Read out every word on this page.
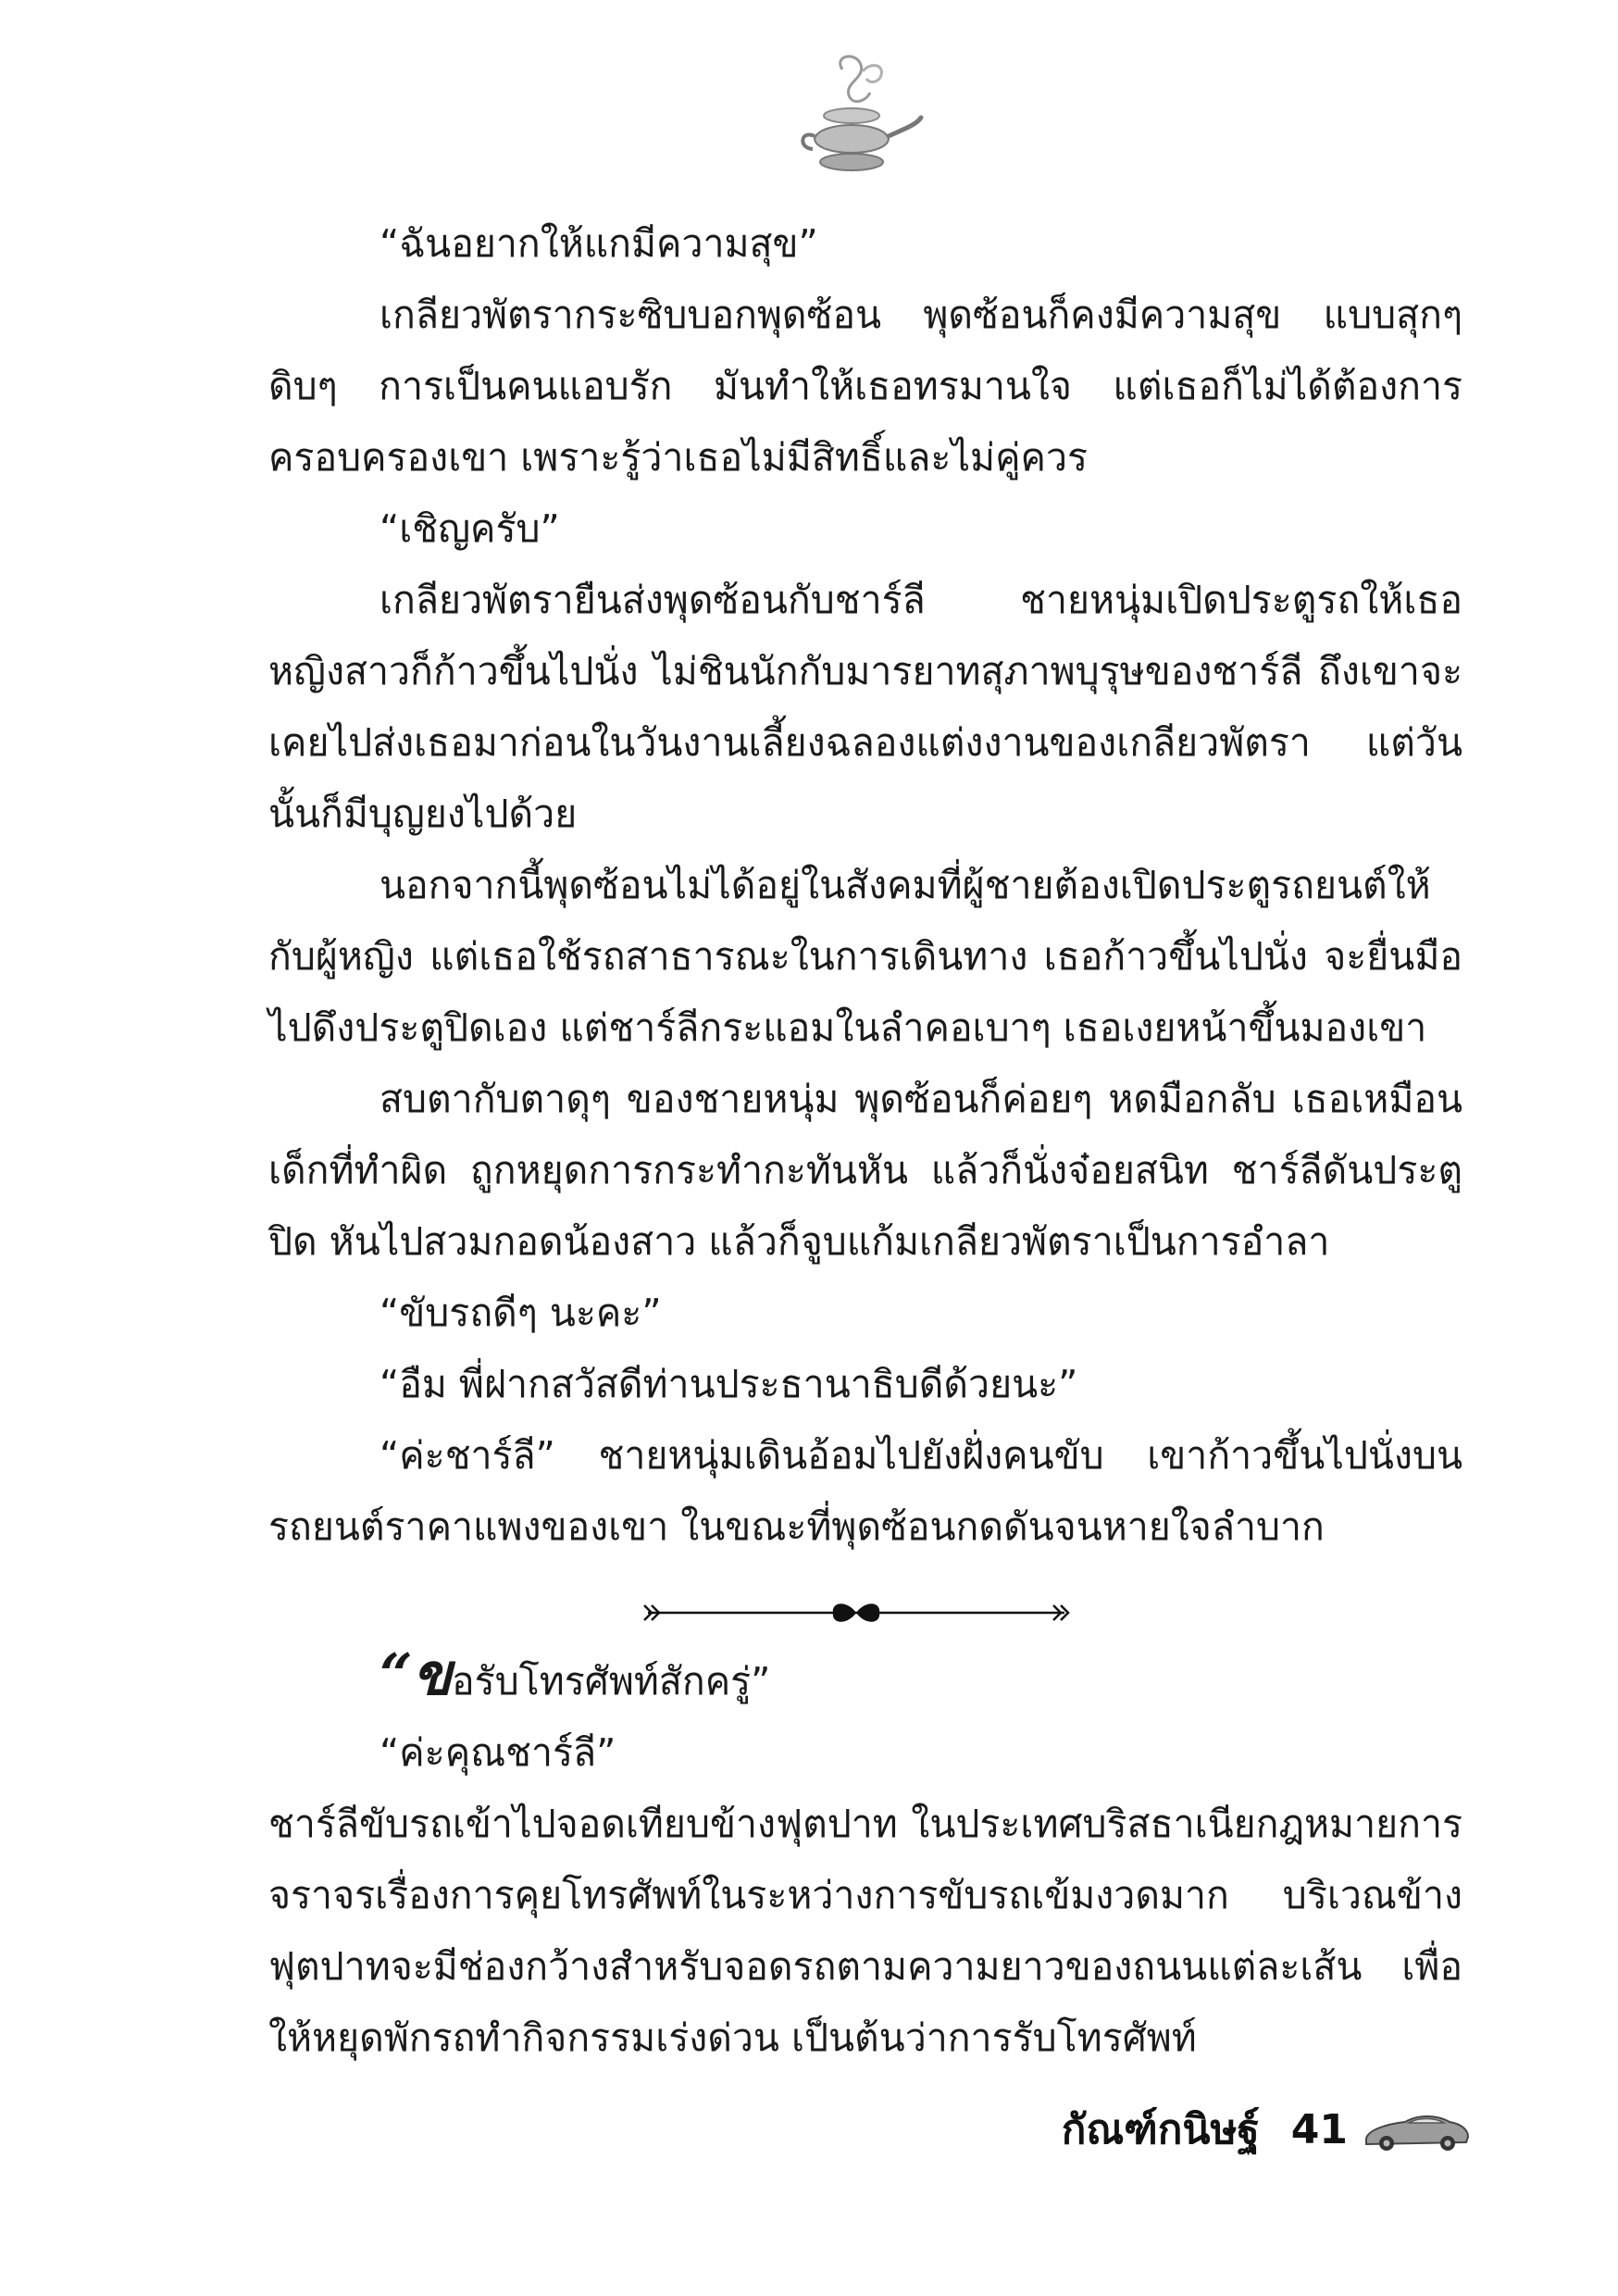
“ฉันอยากให้แกมีความสุข”

เกลียวพัตรากระซิบบอกพุดซ้อน พุดซ้อนก็คงมีความสุข แบบสุกๆ ดิบๆ การเป็นคนแอบรัก มันทำให้เธอทรมานใจ แต่เธอก็ไม่ได้ต้องการครอบครองเขา เพราะรู้ว่าเธอไม่มีสิทธิ์และไม่คู่ควร

“เชิญครับ”

เกลียวพัตรายืนส่งพุดซ้อนกับชาร์ลี ชายหนุ่มเปิดประตูรถให้เธอ หญิงสาวก็ก้าวขึ้นไปนั่ง ไม่ชินนักกับมารยาทสุภาพบุรุษของชาร์ลี ถึงเขาจะเคยไปส่งเธอมาก่อนในวันงานเลี้ยงฉลองแต่งงานของเกลียวพัตรา แต่วันนั้นก็มีบุญยงไปด้วย

นอกจากนี้พุดซ้อนไม่ได้อยู่ในสังคมที่ผู้ชายต้องเปิดประตูรถยนต์ให้กับผู้หญิง แต่เธอใช้รถสาธารณะในการเดินทาง เธอก้าวขึ้นไปนั่ง จะยื่นมือไปดึงประตูปิดเอง แต่ชาร์ลีกระแอมในลำคอเบาๆ เธอเงยหน้าขึ้นมองเขา

สบตากับตาดุๆ ของชายหนุ่ม พุดซ้อนก็ค่อยๆ หดมือกลับ เธอเหมือนเด็กที่ทำผิด ถูกหยุดการกระทำกะทันหัน แล้วก็นั่งจ๋อยสนิท ชาร์ลีดันประตูปิด หันไปสวมกอดน้องสาว แล้วก็จูบแก้มเกลียวพัตราเป็นการอำลา

“ขับรถดีๆ นะคะ”

“อืม พี่ฝากสวัสดีท่านประธานาธิบดีด้วยนะ”

“ค่ะชาร์ลี” ชายหนุ่มเดินอ้อมไปยังฝั่งคนขับ เขาก้าวขึ้นไปนั่งบนรถยนต์ราคาแพงของเขา ในขณะที่พุดซ้อนกดดันจนหายใจลำบาก

“ขอรับโทรศัพท์สักครู่”

“ค่ะคุณชาร์ลี”

ชาร์ลีขับรถเข้าไปจอดเทียบข้างฟุตปาท ในประเทศบริสธาเนียกฎหมายการจราจรเรื่องการคุยโทรศัพท์ในระหว่างการขับรถเข้มงวดมาก บริเวณข้างฟุตปาทจะมีช่องกว้างสำหรับจอดรถตามความยาวของถนนแต่ละเส้น เพื่อให้หยุดพักรถทำกิจกรรมเร่งด่วน เป็นต้นว่าการรับโทรศัพท์

กัณฑ์กนิษฐ์ 41
